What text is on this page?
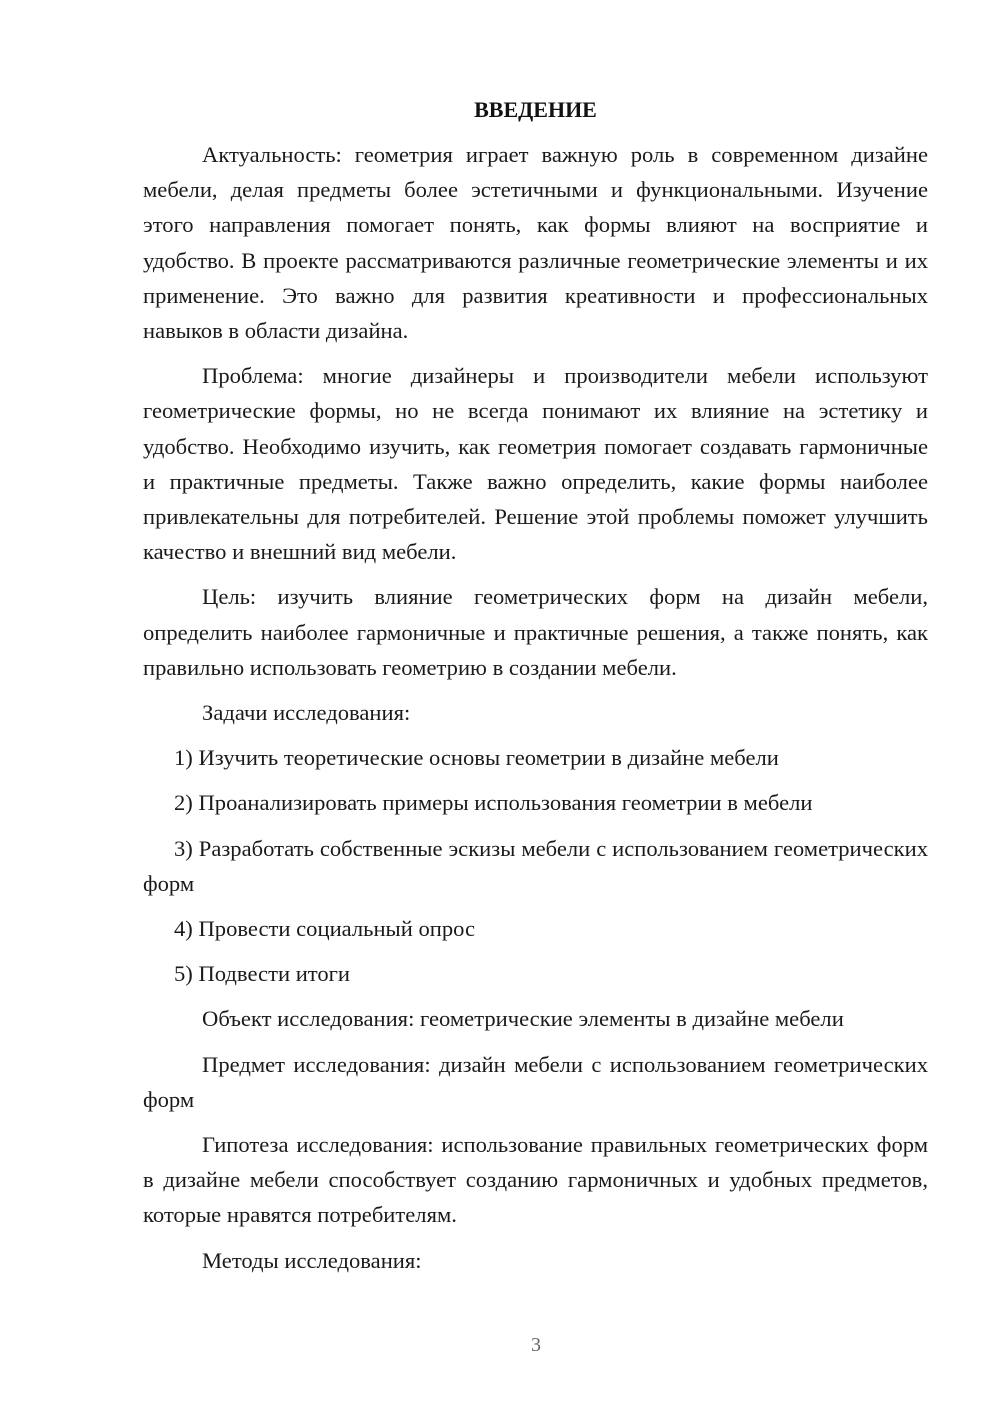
ВВЕДЕНИЕ

Актуальность: геометрия играет важную роль в современном дизайне мебели, делая предметы более эстетичными и функциональными. Изучение этого направления помогает понять, как формы влияют на восприятие и удобство. В проекте рассматриваются различные геометрические элементы и их применение. Это важно для развития креативности и профессиональных навыков в области дизайна.

Проблема: многие дизайнеры и производители мебели используют геометрические формы, но не всегда понимают их влияние на эстетику и удобство. Необходимо изучить, как геометрия помогает создавать гармоничные и практичные предметы. Также важно определить, какие формы наиболее привлекательны для потребителей. Решение этой проблемы поможет улучшить качество и внешний вид мебели.

Цель: изучить влияние геометрических форм на дизайн мебели, определить наиболее гармоничные и практичные решения, а также понять, как правильно использовать геометрию в создании мебели.

Задачи исследования:

1) Изучить теоретические основы геометрии в дизайне мебели

2) Проанализировать примеры использования геометрии в мебели

3) Разработать собственные эскизы мебели с использованием геометрических форм

4) Провести социальный опрос

5) Подвести итоги

Объект исследования: геометрические элементы в дизайне мебели

Предмет исследования: дизайн мебели с использованием геометрических форм

Гипотеза исследования: использование правильных геометрических форм в дизайне мебели способствует созданию гармоничных и удобных предметов, которые нравятся потребителям.

Методы исследования:

3
